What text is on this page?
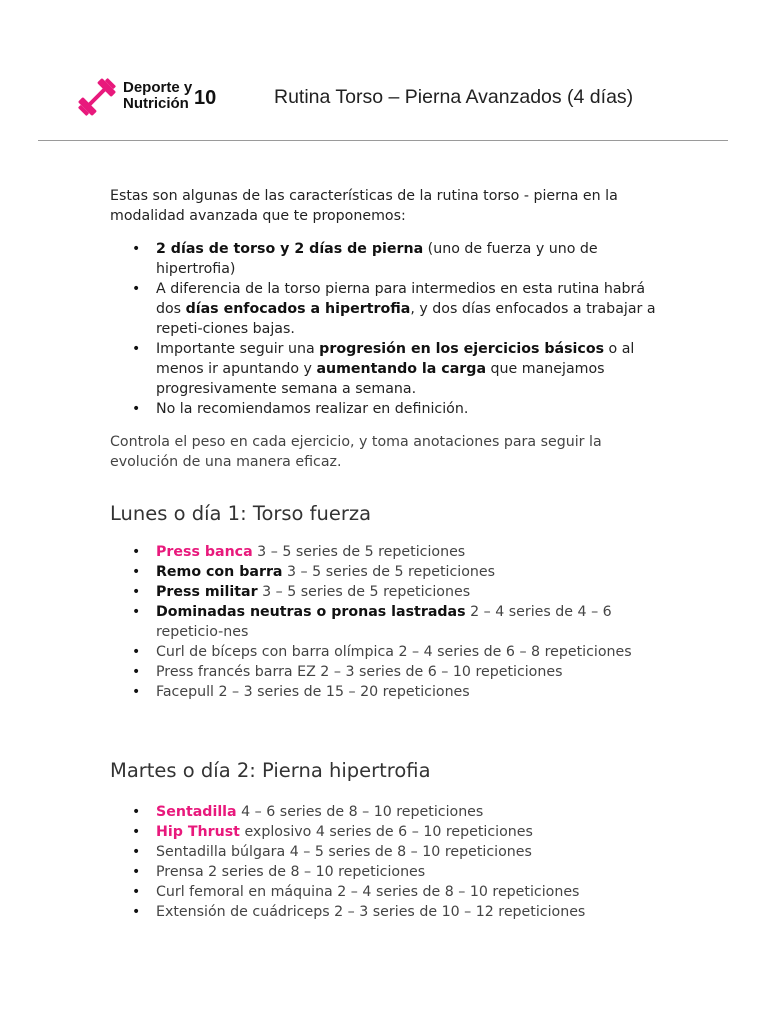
Deporte y
Nutrición 10	Rutina Torso – Pierna Avanzados (4 días)

Estas son algunas de las características de la rutina torso - pierna en la modalidad avanzada que te proponemos:

• 2 días de torso y 2 días de pierna (uno de fuerza y uno de hipertrofia)
• A diferencia de la torso pierna para intermedios en esta rutina habrá dos días enfocados a hipertrofia, y dos días enfocados a trabajar a repeti-ciones bajas.
• Importante seguir una progresión en los ejercicios básicos o al menos ir apuntando y aumentando la carga que manejamos progresivamente semana a semana.
• No la recomiendamos realizar en definición.

Controla el peso en cada ejercicio, y toma anotaciones para seguir la evolución de una manera eficaz.

Lunes o día 1: Torso fuerza
• Press banca 3 – 5 series de 5 repeticiones
• Remo con barra 3 – 5 series de 5 repeticiones
• Press militar 3 – 5 series de 5 repeticiones
• Dominadas neutras o pronas lastradas 2 – 4 series de 4 – 6 repeticio-nes
• Curl de bíceps con barra olímpica 2 – 4 series de 6 – 8 repeticiones
• Press francés barra EZ 2 – 3 series de 6 – 10 repeticiones
• Facepull 2 – 3 series de 15 – 20 repeticiones
Martes o día 2: Pierna hipertrofia
• Sentadilla 4 – 6 series de 8 – 10 repeticiones
• Hip Thrust explosivo 4 series de 6 – 10 repeticiones
• Sentadilla búlgara 4 – 5 series de 8 – 10 repeticiones
• Prensa 2 series de 8 – 10 repeticiones
• Curl femoral en máquina 2 – 4 series de 8 – 10 repeticiones
• Extensión de cuádriceps 2 – 3 series de 10 – 12 repeticiones
